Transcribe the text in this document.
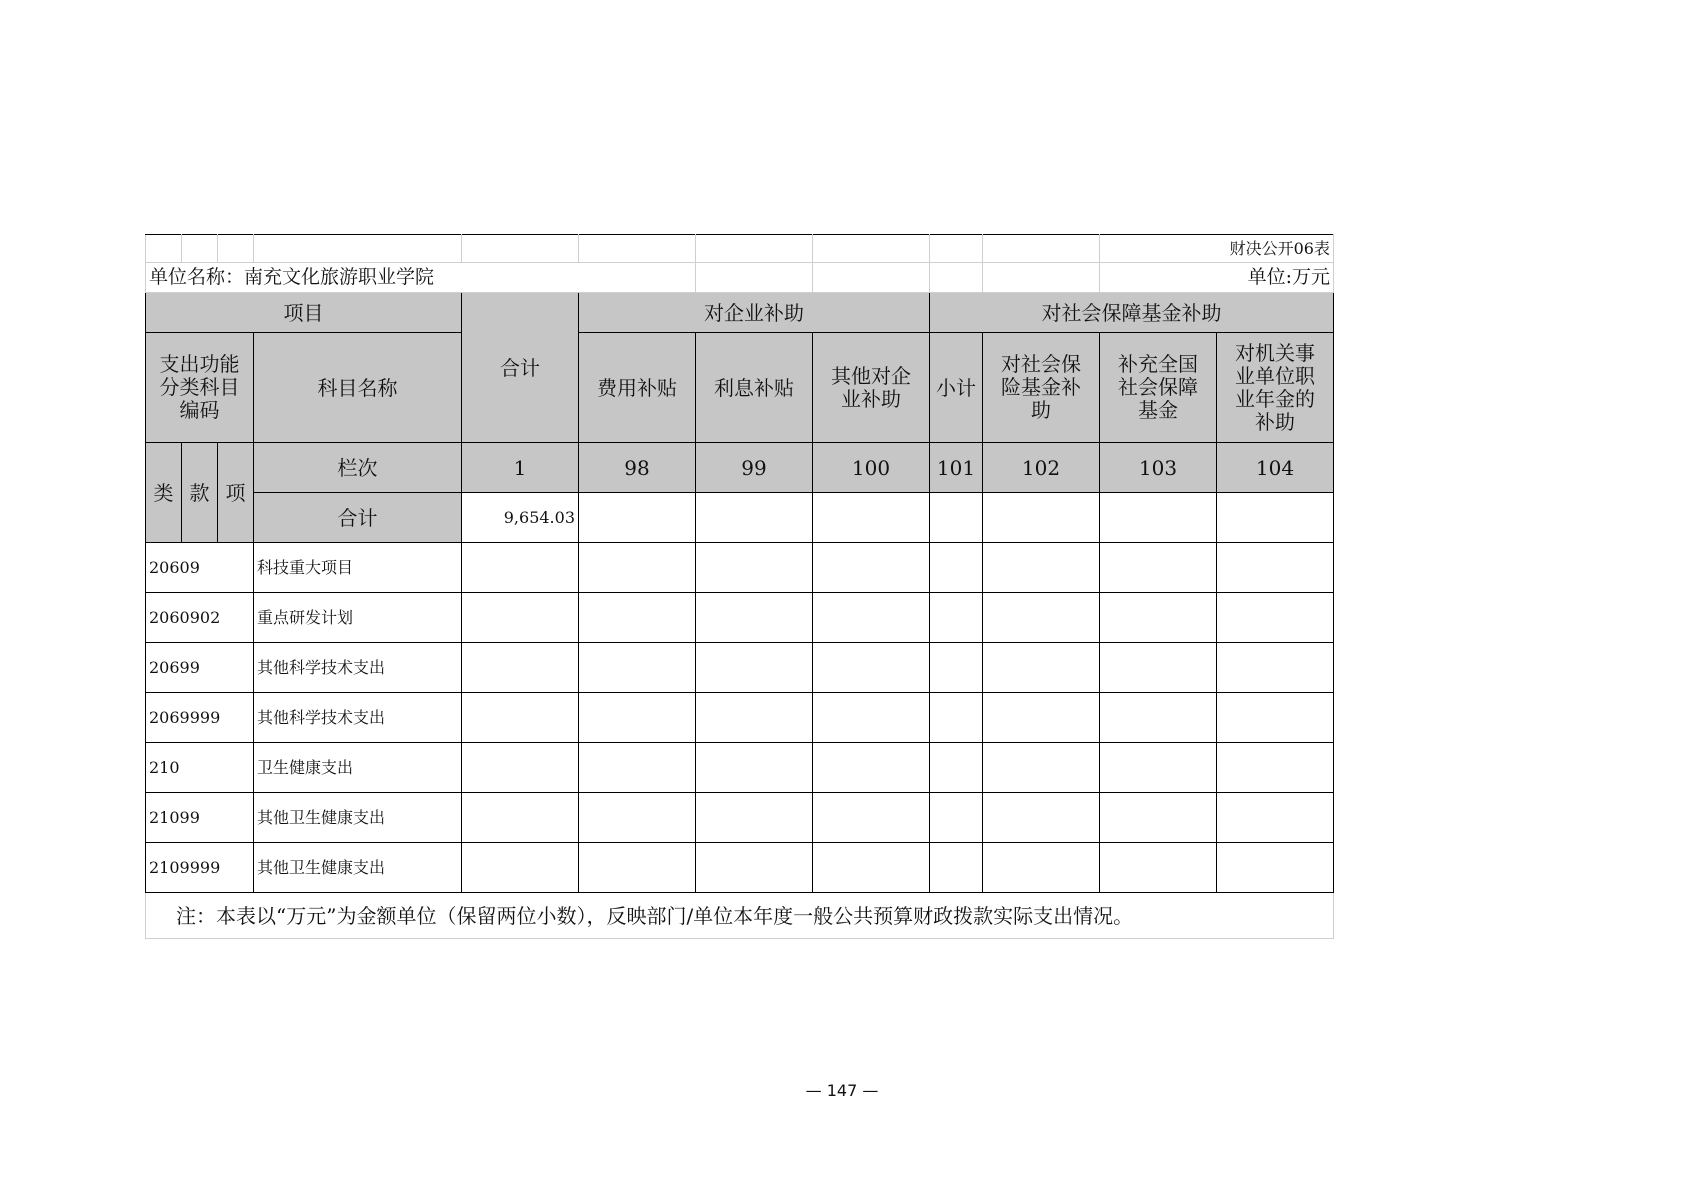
										财决公开06表	
单位名称：南充文化旅游职业学院										单位:万元	
项目				合计	对企业补助			对社会保障基金补助			
支出功能分类科目编码			科目名称		费用补贴	利息补贴	其他对企业补助	小计	对社会保险基金补助	补充全国社会保障基金	对机关事业单位职业年金的补助
类	款	项	栏次	1	98	99	100	101	102	103	104
			合计	9,654.03							
20609			科技重大项目								
2060902			重点研发计划								
20699			其他科学技术支出								
2069999			其他科学技术支出								
210			卫生健康支出								
21099			其他卫生健康支出								
2109999			其他卫生健康支出								
注：本表以“万元”为金额单位（保留两位小数），反映部门/单位本年度一般公共预算财政拨款实际支出情况。											
— 147 —
